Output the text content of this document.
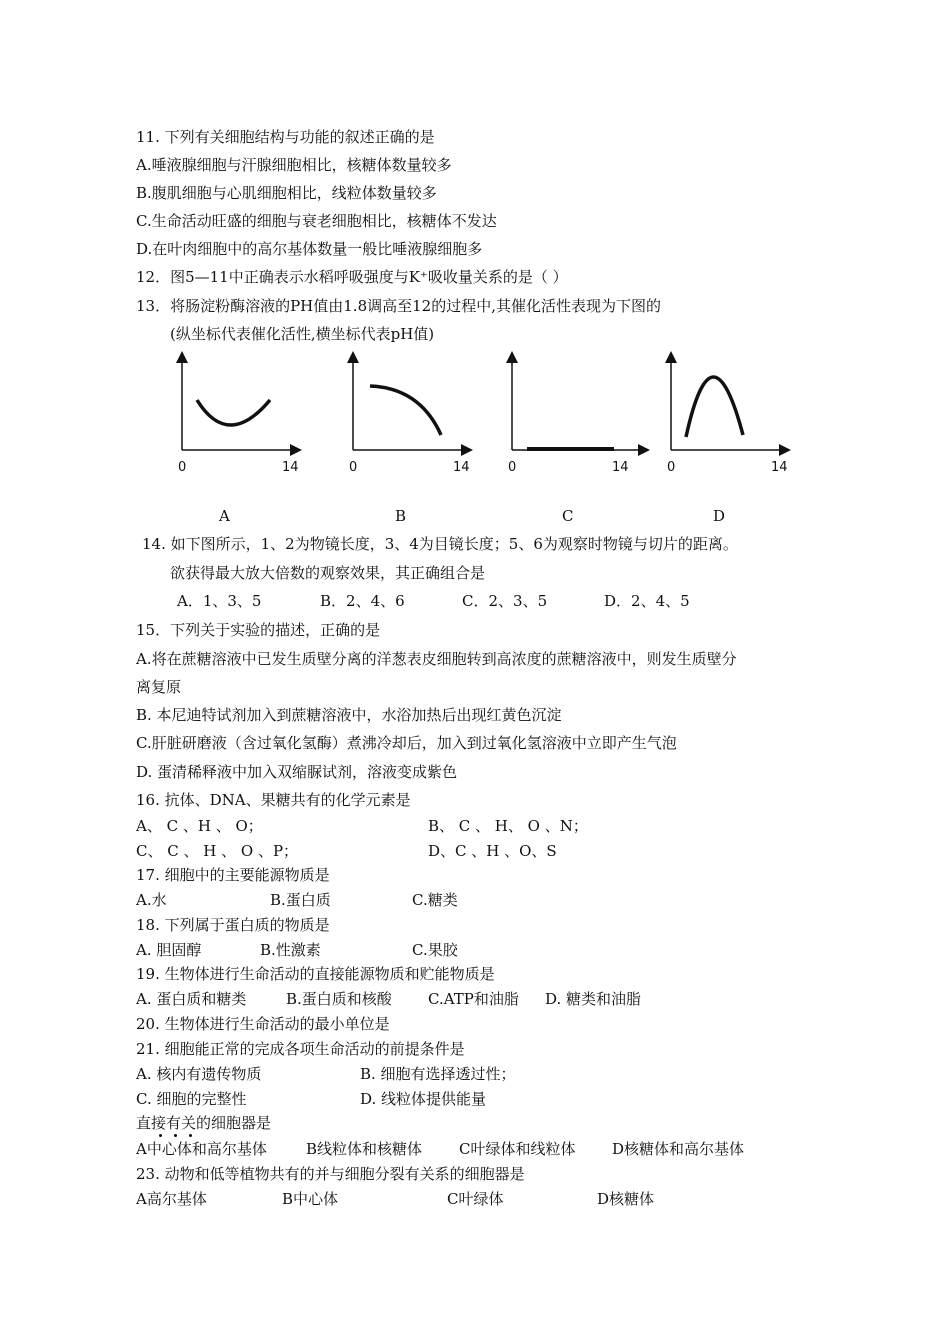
11. 下列有关细胞结构与功能的叙述正确的是
A.唾液腺细胞与汗腺细胞相比，核糖体数量较多
B.腹肌细胞与心肌细胞相比，线粒体数量较多
C.生命活动旺盛的细胞与衰老细胞相比，核糖体不发达
D.在叶肉细胞中的高尔基体数量一般比唾液腺细胞多
12．图5—11中正确表示水稻呼吸强度与K⁺吸收量关系的是（ ）
13．将肠淀粉酶溶液的PH值由1.8调高至12的过程中,其催化活性表现为下图的
(纵坐标代表催化活性,横坐标代表pH值)
0	14	0	14	0	14	0	14
A	B	C	D
14. 如下图所示，1、2为物镜长度，3、4为目镜长度；5、6为观察时物镜与切片的距离。
欲获得最大放大倍数的观察效果，其正确组合是
A．1、3、5	B．2、4、6	C．2、3、5	D．2、4、5
15．下列关于实验的描述，正确的是
A.将在蔗糖溶液中已发生质壁分离的洋葱表皮细胞转到高浓度的蔗糖溶液中，则发生质壁分
离复原
B. 本尼迪特试剂加入到蔗糖溶液中，水浴加热后出现红黄色沉淀
C.肝脏研磨液（含过氧化氢酶）煮沸冷却后，加入到过氧化氢溶液中立即产生气泡
D. 蛋清稀释液中加入双缩脲试剂，溶液变成紫色
16. 抗体、DNA、果糖共有的化学元素是
A、 C 、H 、 O；	B、 C 、 H、 O 、N；
C、 C 、 H 、 O 、P；	D、C 、H 、O、S
17. 细胞中的主要能源物质是
A.水	B.蛋白质	C.糖类
18. 下列属于蛋白质的物质是
A. 胆固醇	B.性激素	C.果胶
19. 生物体进行生命活动的直接能源物质和贮能物质是
A. 蛋白质和糖类	B.蛋白质和核酸 C.ATP和油脂 D. 糖类和油脂
20. 生物体进行生命活动的最小单位是
21. 细胞能正常的完成各项生命活动的前提条件是
A. 核内有遗传物质	B. 细胞有选择透过性；
C. 细胞的完整性	D. 线粒体提供能量
直接有关的细胞器是
A中心体和高尔基体	B线粒体和核糖体 C叶绿体和线粒体 D核糖体和高尔基体
23. 动物和低等植物共有的并与细胞分裂有关系的细胞器是
A高尔基体	B中心体	C叶绿体	D核糖体
